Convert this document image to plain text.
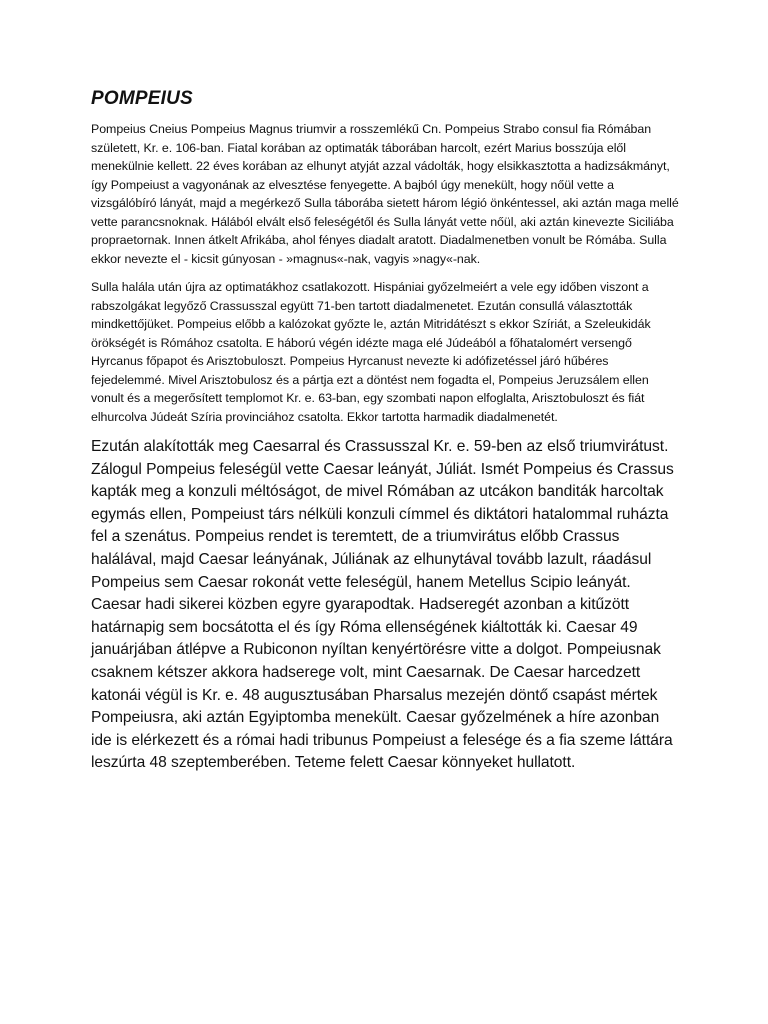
POMPEIUS

Pompeius Cneius Pompeius Magnus triumvir a rosszemlékű Cn. Pompeius Strabo consul fia Rómában született, Kr. e. 106-ban. Fiatal korában az optimaták táborában harcolt, ezért Marius bosszúja elől menekülnie kellett. 22 éves korában az elhunyt atyját azzal vádolták, hogy elsikkasztotta a hadizsákmányt, így Pompeiust a vagyonának az elvesztése fenyegette. A bajból úgy menekült, hogy nőül vette a vizsgálóbíró lányát, majd a megérkező Sulla táborába sietett három légió önkéntessel, aki aztán maga mellé vette parancsnoknak. Hálából elvált első feleségétől és Sulla lányát vette nőül, aki aztán kinevezte Siciliába propraetornak. Innen átkelt Afrikába, ahol fényes diadalt aratott. Diadalmenetben vonult be Rómába. Sulla ekkor nevezte el - kicsit gúnyosan - »magnus«-nak, vagyis »nagy«-nak.

Sulla halála után újra az optimatákhoz csatlakozott. Hispániai győzelmeiért a vele egy időben viszont a rabszolgákat legyőző Crassusszal együtt 71-ben tartott diadalmenetet. Ezután consullá választották mindkettőjüket. Pompeius előbb a kalózokat győzte le, aztán Mitridátészt s ekkor Szíriát, a Szeleukidák örökségét is Rómához csatolta. E háború végén idézte maga elé Júdeából a főhatalomért versengő Hyrcanus főpapot és Arisztobuloszt. Pompeius Hyrcanust nevezte ki adófizetéssel járó hűbéres fejedelemmé. Mivel Arisztobulosz és a pártja ezt a döntést nem fogadta el, Pompeius Jeruzsálem ellen vonult és a megerősített templomot Kr. e. 63-ban, egy szombati napon elfoglalta, Arisztobuloszt és fiát elhurcolva Júdeát Szíria provinciához csatolta. Ekkor tartotta harmadik diadalmenetét.

Ezután alakították meg Caesarral és Crassusszal Kr. e. 59-ben az első triumvirátust. Zálogul Pompeius feleségül vette Caesar leányát, Júliát. Ismét Pompeius és Crassus kapták meg a konzuli méltóságot, de mivel Rómában az utcákon banditák harcoltak egymás ellen, Pompeiust társ nélküli konzuli címmel és diktátori hatalommal ruházta fel a szenátus. Pompeius rendet is teremtett, de a triumvirátus előbb Crassus halálával, majd Caesar leányának, Júliának az elhunytával tovább lazult, ráadásul Pompeius sem Caesar rokonát vette feleségül, hanem Metellus Scipio leányát. Caesar hadi sikerei közben egyre gyarapodtak. Hadseregét azonban a kitűzött határnapig sem bocsátotta el és így Róma ellenségének kiáltották ki. Caesar 49 januárjában átlépve a Rubiconon nyíltan kenyértörésre vitte a dolgot. Pompeiusnak csaknem kétszer akkora hadserege volt, mint Caesarnak. De Caesar harcedzett katonái végül is Kr. e. 48 augusztusában Pharsalus mezején döntő csapást mértek Pompeiusra, aki aztán Egyiptomba menekült. Caesar győzelmének a híre azonban ide is elérkezett és a római hadi tribunus Pompeiust a felesége és a fia szeme láttára leszúrta 48 szeptemberében. Teteme felett Caesar könnyeket hullatott.
